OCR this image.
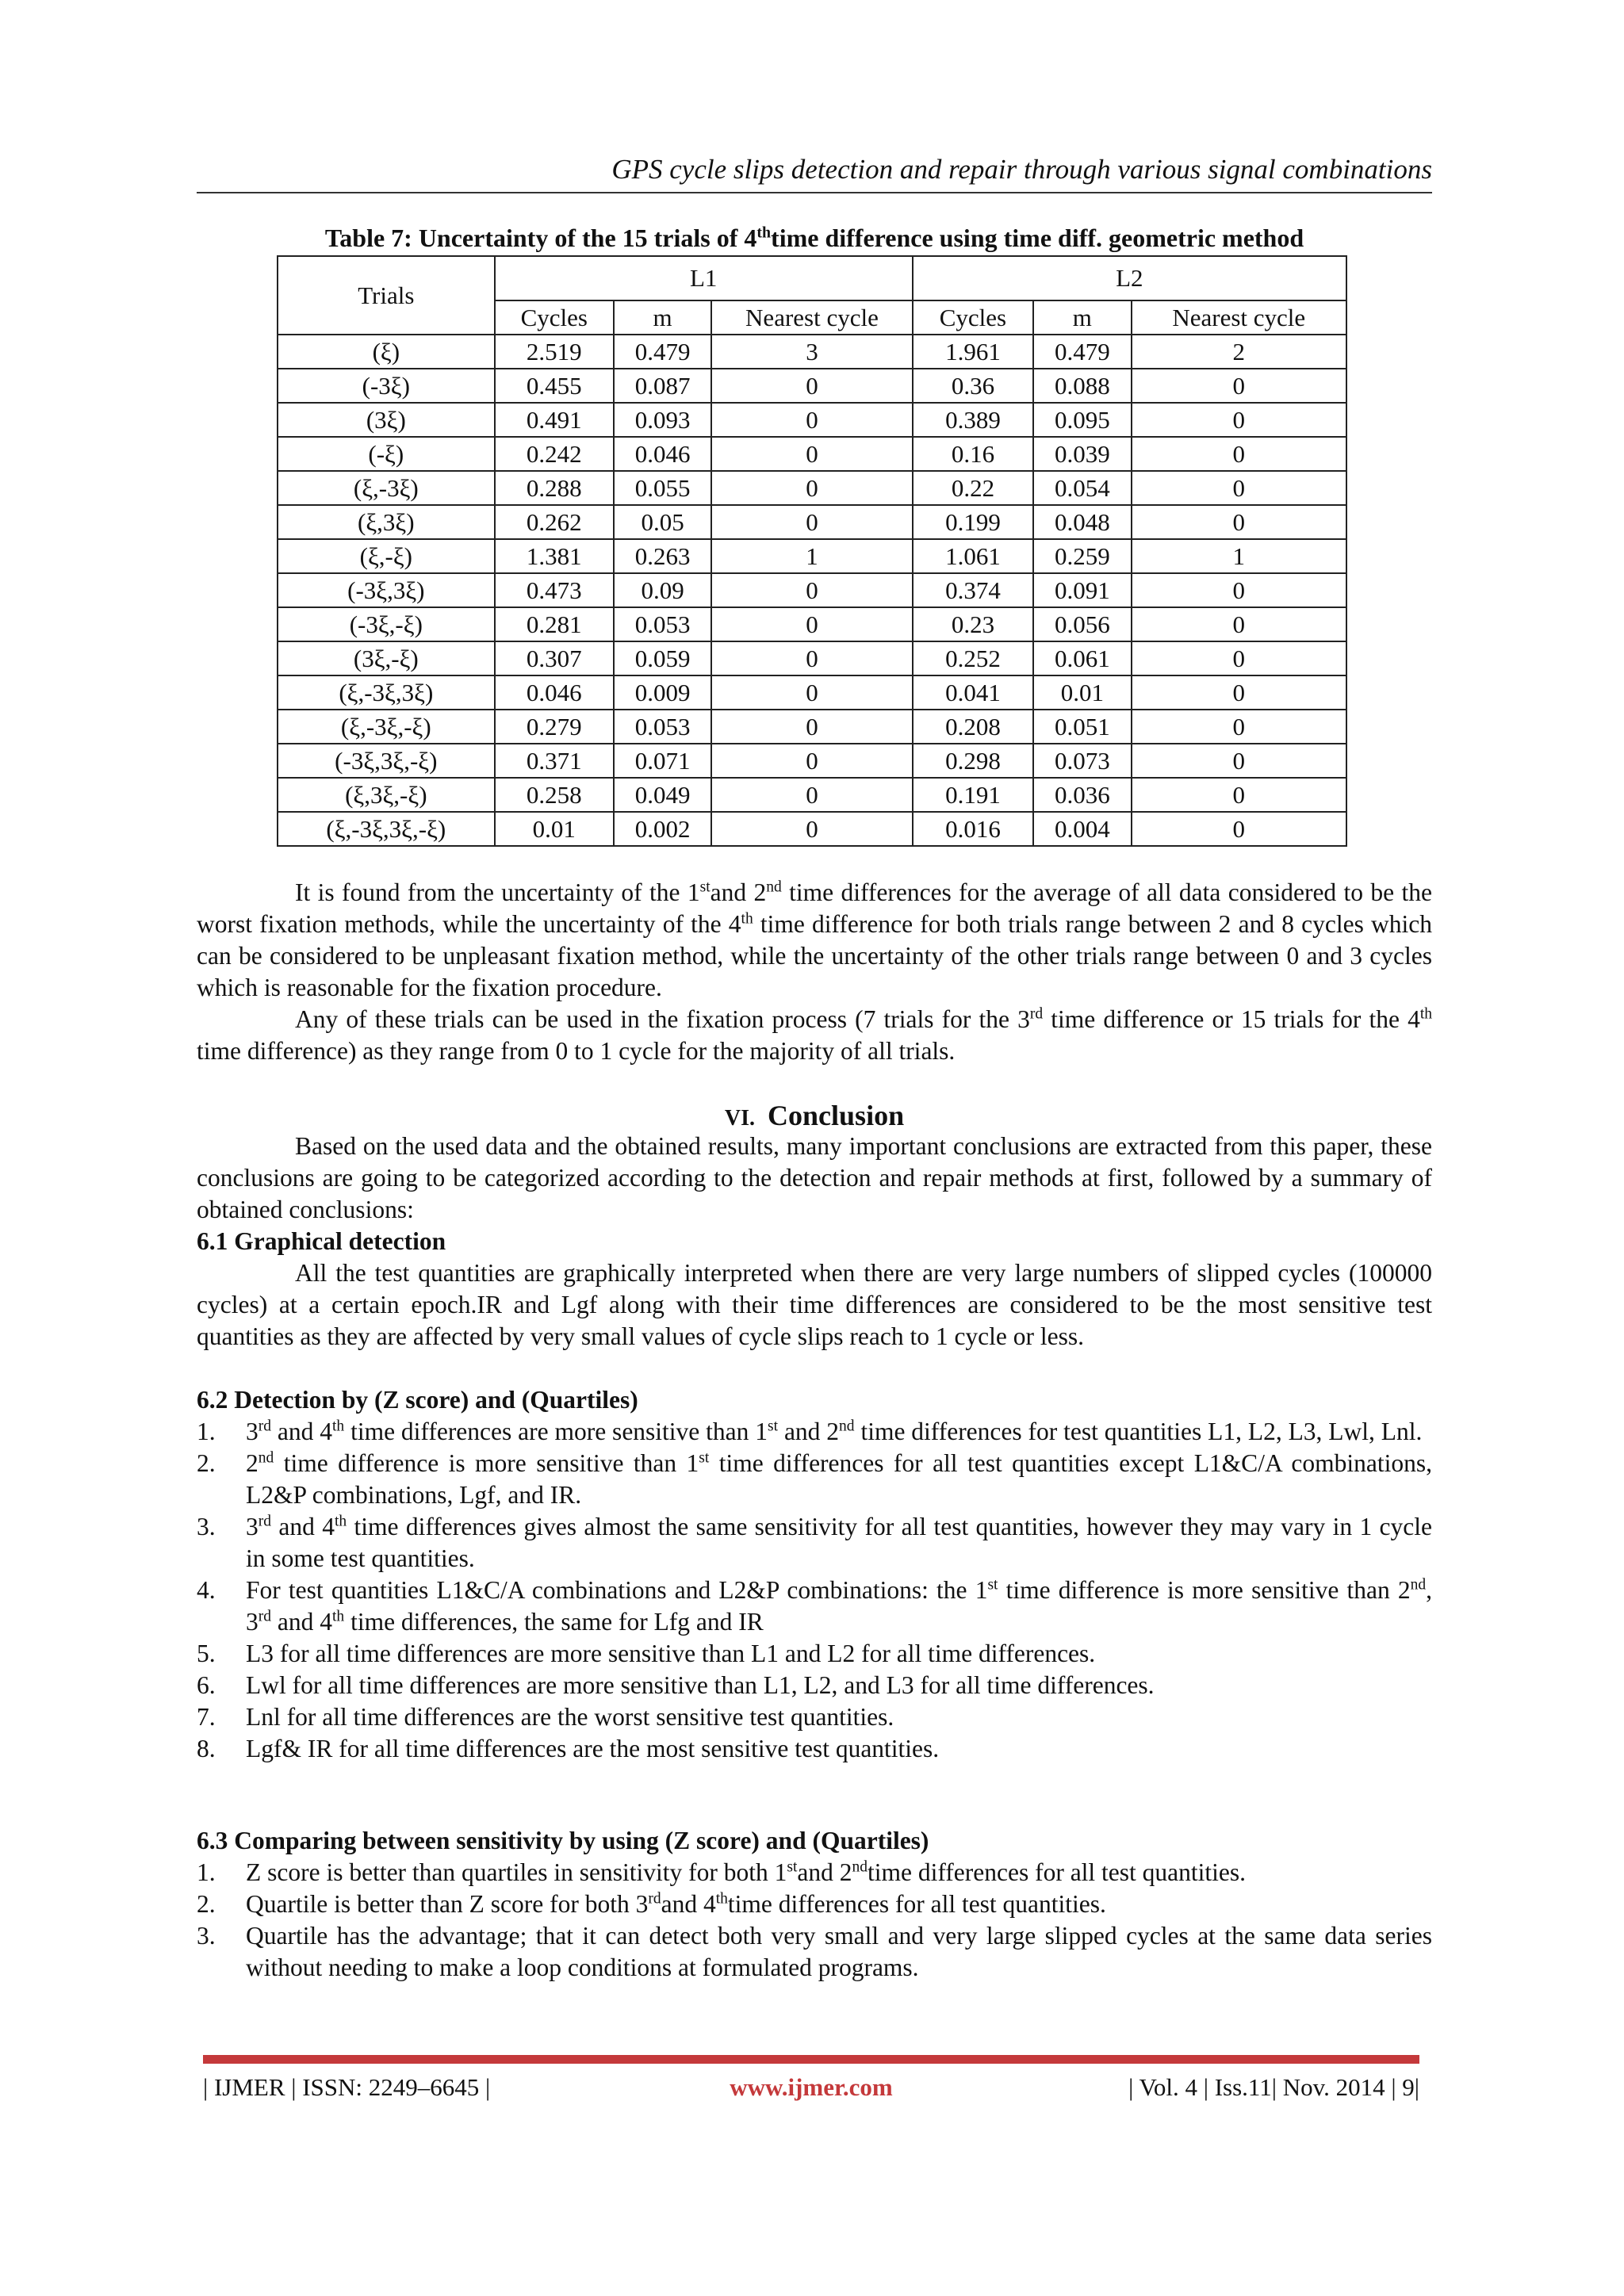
GPS cycle slips detection and repair through various signal combinations
Table 7: Uncertainty of the 15 trials of 4thtime difference using time diff. geometric method
Trials	L1			L2		
	Cycles	m	Nearest cycle	Cycles	m	Nearest cycle
(ξ)	2.519	0.479	3	1.961	0.479	2
(-3ξ)	0.455	0.087	0	0.36	0.088	0
(3ξ)	0.491	0.093	0	0.389	0.095	0
(-ξ)	0.242	0.046	0	0.16	0.039	0
(ξ,-3ξ)	0.288	0.055	0	0.22	0.054	0
(ξ,3ξ)	0.262	0.05	0	0.199	0.048	0
(ξ,-ξ)	1.381	0.263	1	1.061	0.259	1
(-3ξ,3ξ)	0.473	0.09	0	0.374	0.091	0
(-3ξ,-ξ)	0.281	0.053	0	0.23	0.056	0
(3ξ,-ξ)	0.307	0.059	0	0.252	0.061	0
(ξ,-3ξ,3ξ)	0.046	0.009	0	0.041	0.01	0
(ξ,-3ξ,-ξ)	0.279	0.053	0	0.208	0.051	0
(-3ξ,3ξ,-ξ)	0.371	0.071	0	0.298	0.073	0
(ξ,3ξ,-ξ)	0.258	0.049	0	0.191	0.036	0
(ξ,-3ξ,3ξ,-ξ)	0.01	0.002	0	0.016	0.004	0
It is found from the uncertainty of the 1stand 2nd time differences for the average of all data considered to be the worst fixation methods, while the uncertainty of the 4th time difference for both trials range between 2 and 8 cycles which can be considered to be unpleasant fixation method, while the uncertainty of the other trials range between 0 and 3 cycles which is reasonable for the fixation procedure.
Any of these trials can be used in the fixation process (7 trials for the 3rd time difference or 15 trials for the 4th time difference) as they range from 0 to 1 cycle for the majority of all trials.
VI. Conclusion
Based on the used data and the obtained results, many important conclusions are extracted from this paper, these conclusions are going to be categorized according to the detection and repair methods at first, followed by a summary of obtained conclusions:
6.1 Graphical detection
All the test quantities are graphically interpreted when there are very large numbers of slipped cycles (100000 cycles) at a certain epoch.IR and Lgf along with their time differences are considered to be the most sensitive test quantities as they are affected by very small values of cycle slips reach to 1 cycle or less.
6.2 Detection by (Z score) and (Quartiles)
1. 3rd and 4th time differences are more sensitive than 1st and 2nd time differences for test quantities L1, L2, L3, Lwl, Lnl.
2. 2nd time difference is more sensitive than 1st time differences for all test quantities except L1&C/A combinations, L2&P combinations, Lgf, and IR.
3. 3rd and 4th time differences gives almost the same sensitivity for all test quantities, however they may vary in 1 cycle in some test quantities.
4. For test quantities L1&C/A combinations and L2&P combinations: the 1st time difference is more sensitive than 2nd, 3rd and 4th time differences, the same for Lfg and IR
5. L3 for all time differences are more sensitive than L1 and L2 for all time differences.
6. Lwl for all time differences are more sensitive than L1, L2, and L3 for all time differences.
7. Lnl for all time differences are the worst sensitive test quantities.
8. Lgf& IR for all time differences are the most sensitive test quantities.
6.3 Comparing between sensitivity by using (Z score) and (Quartiles)
1. Z score is better than quartiles in sensitivity for both 1stand 2ndtime differences for all test quantities.
2. Quartile is better than Z score for both 3rdand 4thtime differences for all test quantities.
3. Quartile has the advantage; that it can detect both very small and very large slipped cycles at the same data series without needing to make a loop conditions at formulated programs.
| IJMER | ISSN: 2249–6645 |	www.ijmer.com	| Vol. 4 | Iss.11| Nov. 2014 | 9|
